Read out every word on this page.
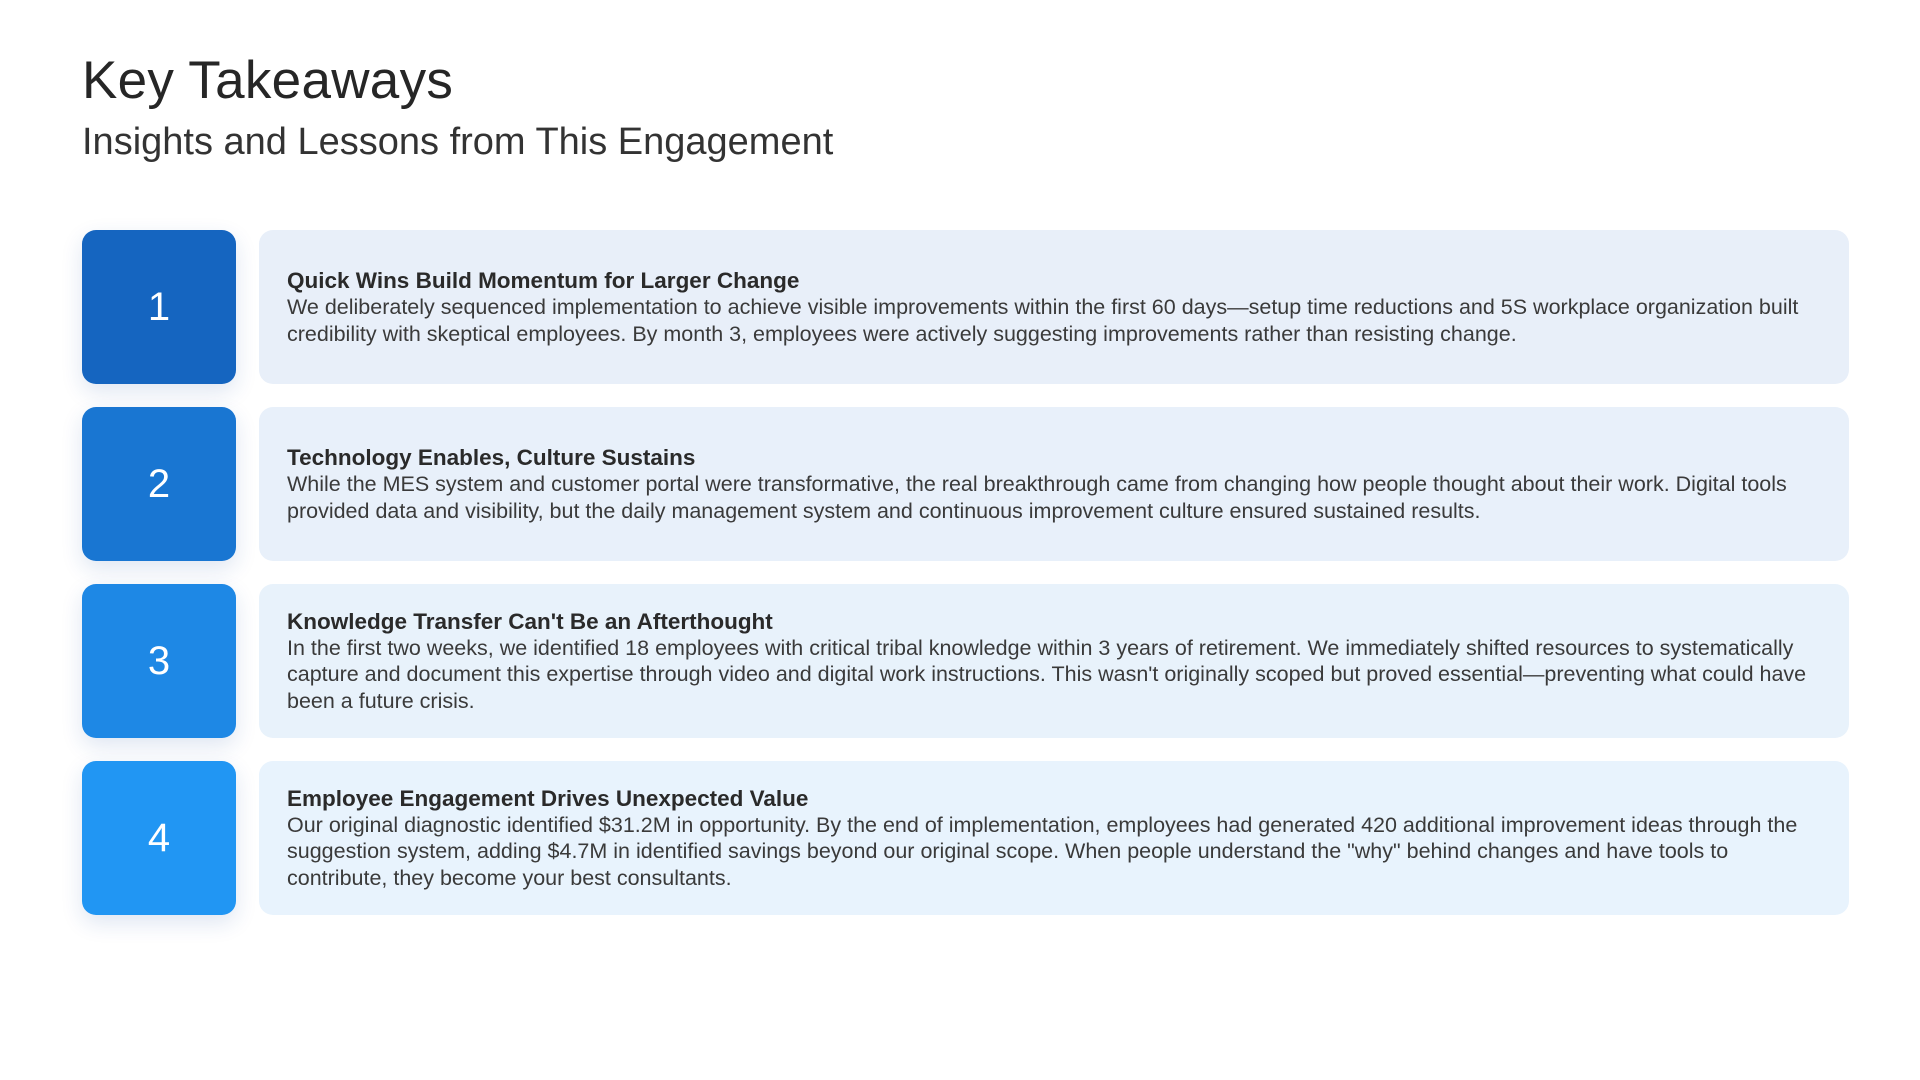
Key Takeaways
Insights and Lessons from This Engagement
1
Quick Wins Build Momentum for Larger Change
We deliberately sequenced implementation to achieve visible improvements within the first 60 days—setup time reductions and 5S workplace organization built credibility with skeptical employees. By month 3, employees were actively suggesting improvements rather than resisting change.
2
Technology Enables, Culture Sustains
While the MES system and customer portal were transformative, the real breakthrough came from changing how people thought about their work. Digital tools provided data and visibility, but the daily management system and continuous improvement culture ensured sustained results.
3
Knowledge Transfer Can't Be an Afterthought
In the first two weeks, we identified 18 employees with critical tribal knowledge within 3 years of retirement. We immediately shifted resources to systematically capture and document this expertise through video and digital work instructions. This wasn't originally scoped but proved essential—preventing what could have been a future crisis.
4
Employee Engagement Drives Unexpected Value
Our original diagnostic identified $31.2M in opportunity. By the end of implementation, employees had generated 420 additional improvement ideas through the suggestion system, adding $4.7M in identified savings beyond our original scope. When people understand the "why" behind changes and have tools to contribute, they become your best consultants.
